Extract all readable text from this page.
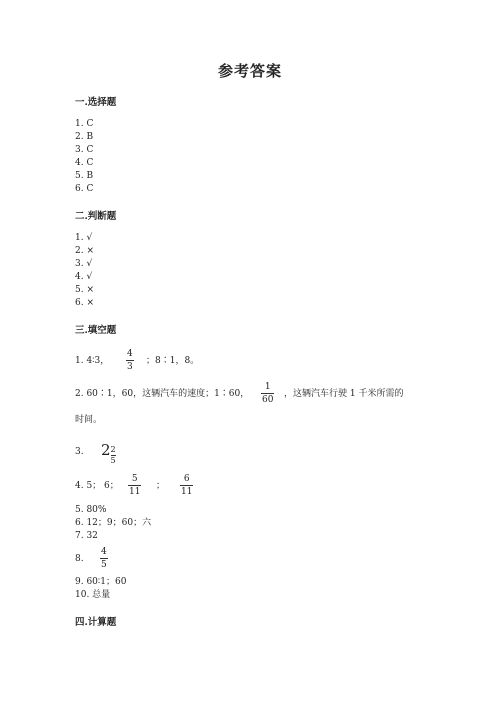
参考答案
一.选择题
1. C
2. B
3. C
4. C
5. B
6. C
二.判断题
1. √
2. ×
3. √
4. √
5. ×
6. ×
三.填空题
1. 4∶3，
4
3
；8∶1，8。
2. 60∶1，60，这辆汽车的速度；1∶60，
1
60
，这辆汽车行驶 1 千米所需的
时间。
3. $2 \frac{2}{5}$
4. 5； 6；
5
11
；
6
11
5. 80%
6. 12；9；60；六
7. 32
8.
4
5
9. 60∶1；60
10. 总量
四.计算题
